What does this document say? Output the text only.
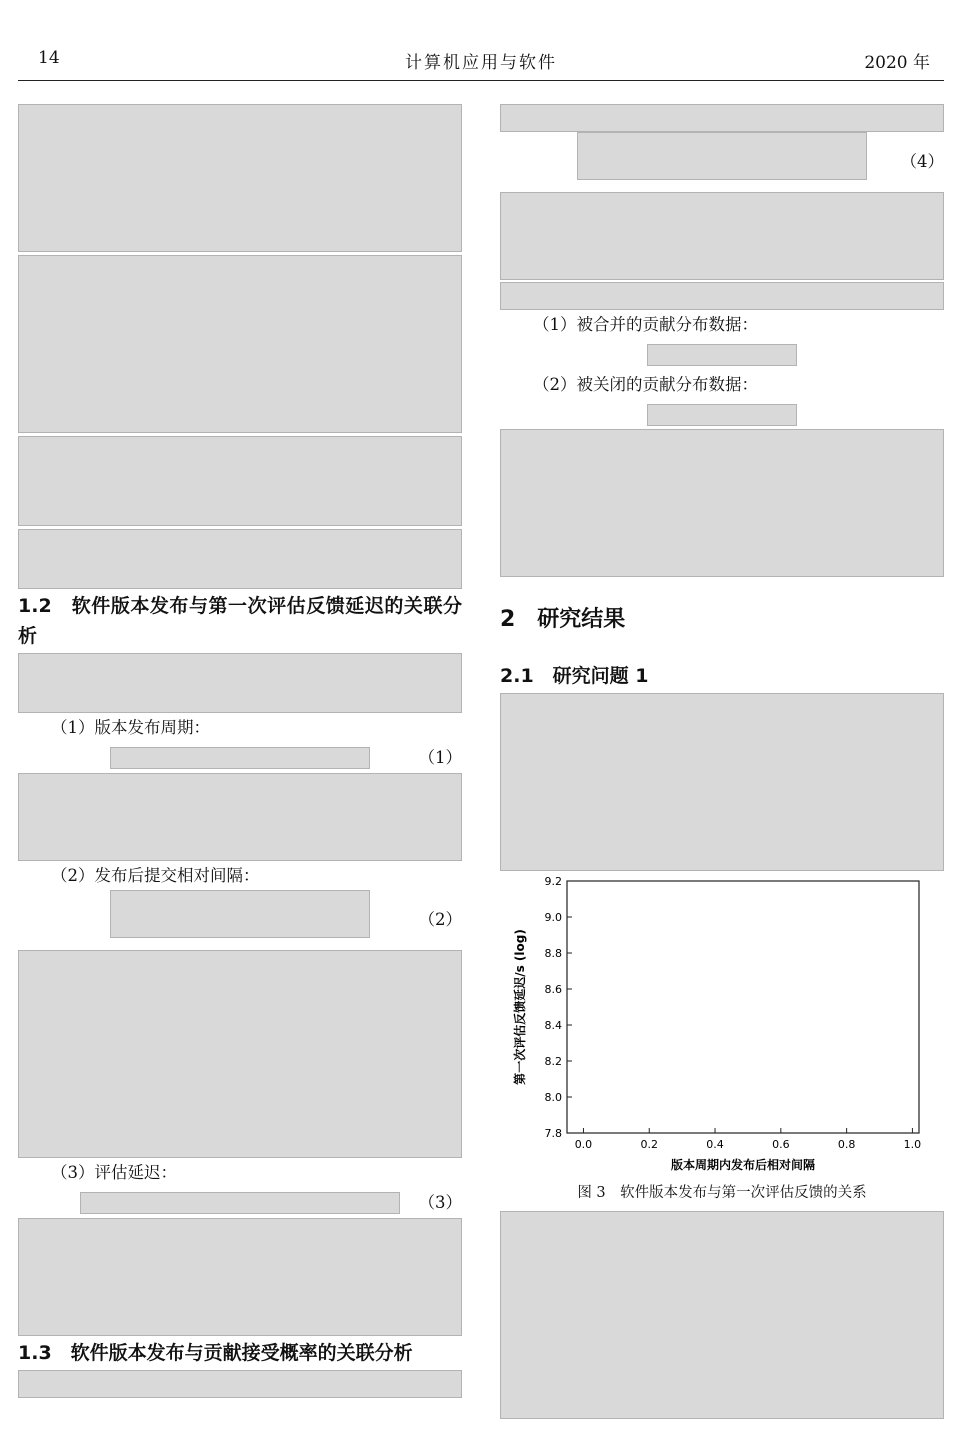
14	计算机应用与软件	2020 年
1.2　软件版本发布与第一次评估反馈延迟的关联分析

（1）版本发布周期：

（1）

（2）发布后提交相对间隔：

（2）

（3）评估延迟：

（3）
1.3　软件版本发布与贡献接受概率的关联分析
（4）

（1）被合并的贡献分布数据：

（2）被关闭的贡献分布数据：

2　研究结果
2.1　研究问题 1
7.8
8.0
8.2
8.4
8.6
8.8
9.0
9.2
0.0	0.2	0.4	0.6	0.8	1.0
版本周期内发布后相对间隔
第一次评估反馈延迟/s (log)
图 3　软件版本发布与第一次评估反馈的关系
